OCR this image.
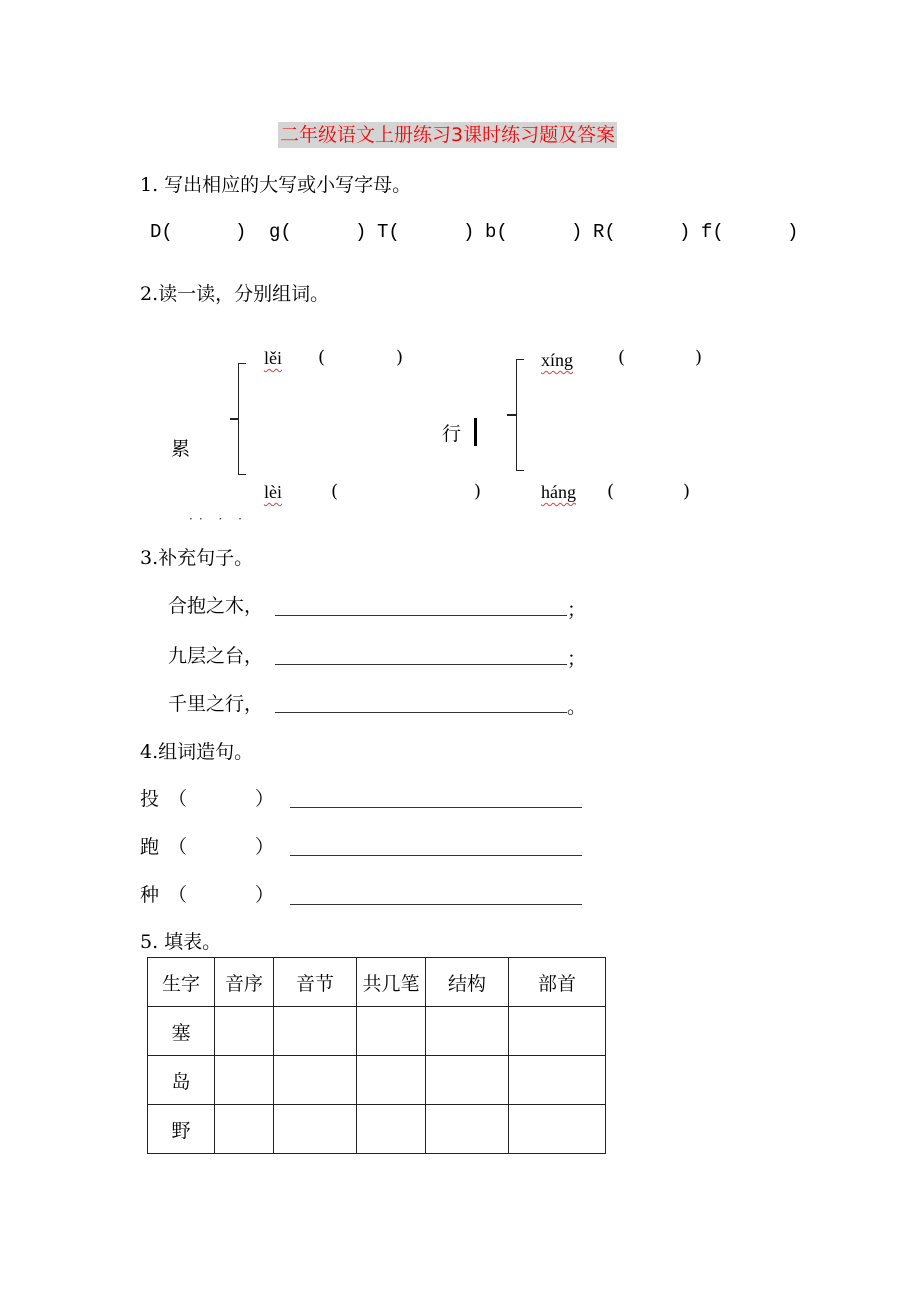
二年级语文上册练习3课时练习题及答案
1. 写出相应的大写或小写字母。
D(	) g(	) T(	) b(	) R(	) f(	)
2.读一读，分别组词。
累
lěi (	)
lèi	(	)
行
xíng (	)
háng (	)
·· · ·
3.补充句子。
合抱之木，	；
九层之台，	；
千里之行，	。
4.组词造句。
投 （	）
跑 （	）
种 （	）
5. 填表。
生字	音序	音节	共几笔	结构	部首
塞					
岛					
野					
